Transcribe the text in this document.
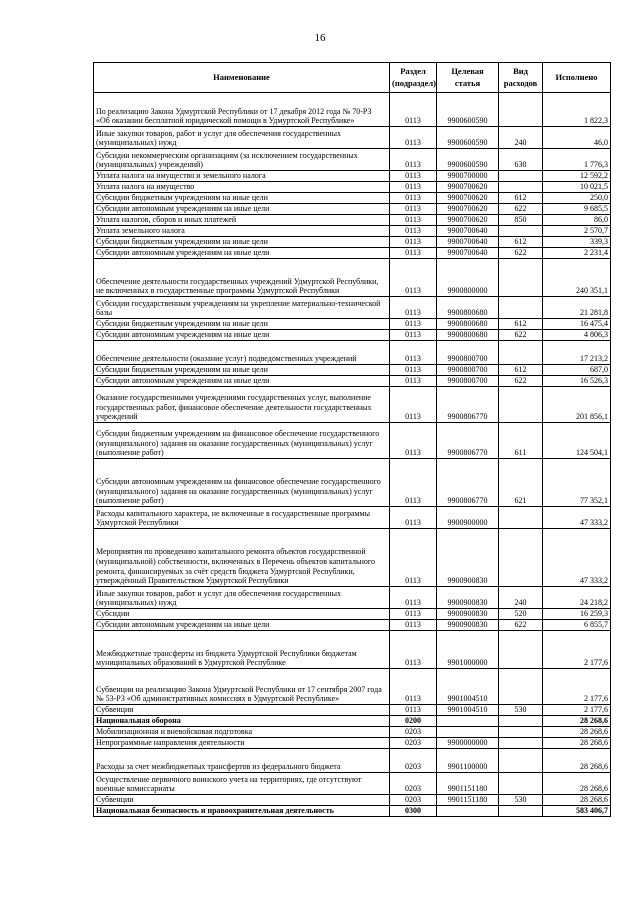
16
Наименование	Раздел (подраздел)	Целевая статья	Вид расходов	Исполнено
По реализацию Закона Удмуртской Республики от 17 декабря 2012 года № 70-РЗ «Об оказании бесплатной юридической помощи в Удмуртской Республике»	0113	9900600590		1 822,3
Иные закупки товаров, работ и услуг для обеспечения государственных (муниципальных) нужд	0113	9900600590	240	46,0
Субсидии некоммерческим организациям (за исключением государственных (муниципальных) учреждений)	0113	9900600590	630	1 776,3
Уплата налога на имущество и земельного налога	0113	9900700000		12 592,2
Уплата налога на имущество	0113	9900700620		10 021,5
Субсидии бюджетным учреждениям на иные цели	0113	9900700620	612	250,0
Субсидии автономным учреждениям на иные цели	0113	9900700620	622	9 685,5
Уплата налогов, сборов и иных платежей	0113	9900700620	850	86,0
Уплата земельного налога	0113	9900700640		2 570,7
Субсидии бюджетным учреждениям на иные цели	0113	9900700640	612	339,3
Субсидии автономным учреждениям на иные цели	0113	9900700640	622	2 231,4
Обеспечение деятельности государственных учреждений Удмуртской Республики, не включенных в государственные программы Удмуртской Республики	0113	9900800000		240 351,1
Субсидии государственным учреждениям на укрепление материально-технической базы	0113	9900800680		21 281,8
Субсидии бюджетным учреждениям на иные цели	0113	9900800680	612	16 475,4
Субсидии автономным учреждениям на иные цели	0113	9900800680	622	4 806,3
Обеспечение деятельности (оказание услуг) подведомственных учреждений	0113	9900800700		17 213,2
Субсидии бюджетным учреждениям на иные цели	0113	9900800700	612	687,0
Субсидии автономным учреждениям на иные цели	0113	9900800700	622	16 526,3
Оказание государственными учреждениями государственных услуг, выполнение государственных работ, финансовое обеспечение деятельности государственных учреждений	0113	9900806770		201 856,1
Субсидии бюджетным учреждениям на финансовое обеспечение государственного (муниципального) задания на оказание государственных (муниципальных) услуг (выполнение работ)	0113	9900806770	611	124 504,1
Субсидии автономным учреждениям на финансовое обеспечение государственного (муниципального) задания на оказание государственных (муниципальных) услуг (выполнение работ)	0113	9900806770	621	77 352,1
Расходы капитального характера, не включенные в государственные программы Удмуртской Республики	0113	9900900000		47 333,2
Мероприятия по проведению капитального ремонта объектов государственной (муниципальной) собственности, включенных в Перечень объектов капитального ремонта, финансируемых за счёт средств бюджета Удмуртской Республики, утверждённый Правительством Удмуртской Республики	0113	9900900830		47 333,2
Иные закупки товаров, работ и услуг для обеспечения государственных (муниципальных) нужд	0113	9900900830	240	24 218,2
Субсидии	0113	9900900830	520	16 259,3
Субсидии автономным учреждениям на иные цели	0113	9900900830	622	6 855,7
Межбюджетные трансферты из бюджета Удмуртской Республики бюджетам муниципальных образований в Удмуртской Республике	0113	9901000000		2 177,6
Субвенции на реализацию Закона Удмуртской Республики от 17 сентября 2007 года № 53-РЗ «Об административных комиссиях в Удмуртской Республике»	0113	9901004510		2 177,6
Субвенции	0113	9901004510	530	2 177,6
Национальная оборона	0200			28 268,6
Мобилизационная и вневойсковая подготовка	0203			28 268,6
Непрограммные направления деятельности	0203	9900000000		28 268,6
Расходы за счет межбюджетных трансфертов из федерального бюджета	0203	9901100000		28 268,6
Осуществление первичного воинского учета на территориях, где отсутствуют военные комиссариаты	0203	9901151180		28 268,6
Субвенции	0203	9901151180	530	28 268,6
Национальная безопасность и правоохранительная деятельность	0300			583 406,7
